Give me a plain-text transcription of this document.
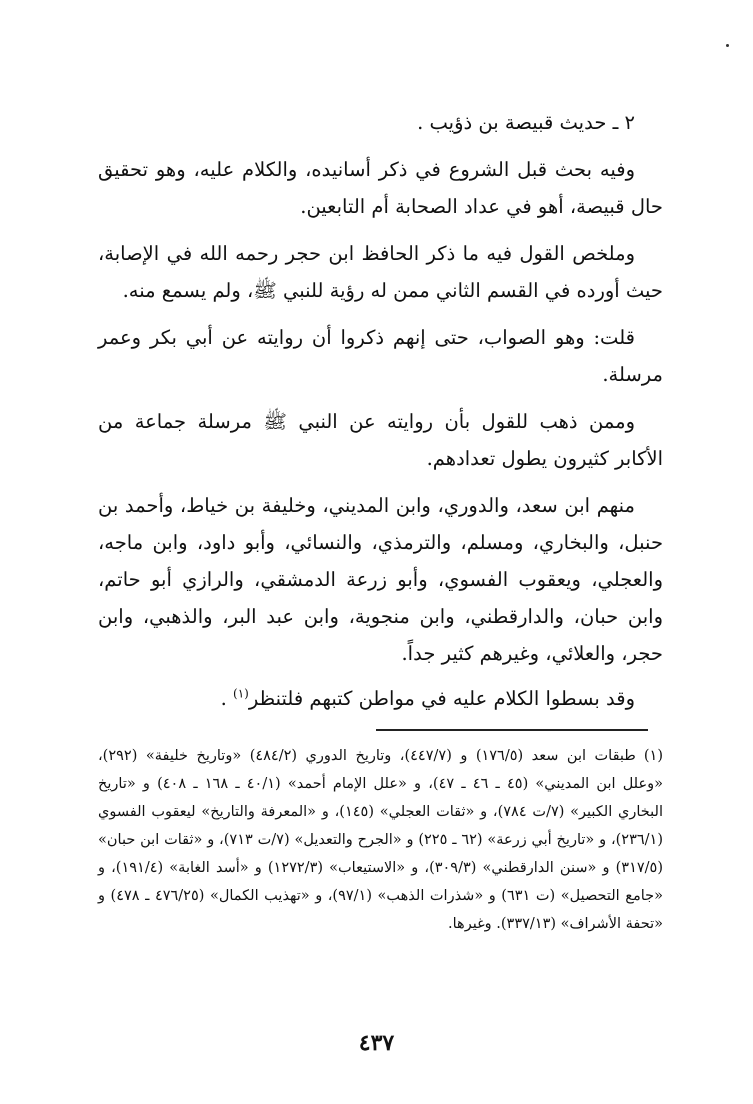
٢ ـ حديث قبيصة بن ذؤيب .

وفيه بحث قبل الشروع في ذكر أسانيده، والكلام عليه، وهو تحقيق حال قبيصة، أهو في عداد الصحابة أم التابعين.

وملخص القول فيه ما ذكر الحافظ ابن حجر رحمه الله في الإصابة، حيث أورده في القسم الثاني ممن له رؤية للنبي ﷺ، ولم يسمع منه.

قلت: وهو الصواب، حتى إنهم ذكروا أن روايته عن أبي بكر وعمر مرسلة.

وممن ذهب للقول بأن روايته عن النبي ﷺ مرسلة جماعة من الأكابر كثيرون يطول تعدادهم.

منهم ابن سعد، والدوري، وابن المديني، وخليفة بن خياط، وأحمد بن حنبل، والبخاري، ومسلم، والترمذي، والنسائي، وأبو داود، وابن ماجه، والعجلي، ويعقوب الفسوي، وأبو زرعة الدمشقي، والرازي أبو حاتم، وابن حبان، والدارقطني، وابن منجوية، وابن عبد البر، والذهبي، وابن حجر، والعلائي، وغيرهم كثير جداً.

وقد بسطوا الكلام عليه في مواطن كتبهم فلتنظر$^{(١)}$ .

(١)طبقات ابن سعد (١٧٦/٥) و (٤٤٧/٧)، وتاريخ الدوري (٤٨٤/٢) «وتاريخ خليفة» (٢٩٢)، «وعلل ابن المديني» (٤٥ ـ ٤٦ ـ ٤٧)، و «علل الإمام أحمد» (٤٠/١ ـ ١٦٨ ـ ٤٠٨) و «تاريخ البخاري الكبير» (٧/ت ٧٨٤)، و «ثقات العجلي» (١٤٥)، و «المعرفة والتاريخ» ليعقوب الفسوي (٢٣٦/١)، و «تاريخ أبي زرعة» (٦٢ ـ ٢٢٥) و «الجرح والتعديل» (٧/ت ٧١٣)، و «ثقات ابن حبان» (٣١٧/٥) و «سنن الدارقطني» (٣٠٩/٣)، و «الاستيعاب» (١٢٧٢/٣) و «أسد الغابة» (١٩١/٤)، و «جامع التحصيل» (ت ٦٣١) و «شذرات الذهب» (٩٧/١)، و «تهذيب الكمال» (٤٧٦/٢٥ ـ ٤٧٨) و «تحفة الأشراف» (٣٣٧/١٣). وغيرها.

٤٣٧
